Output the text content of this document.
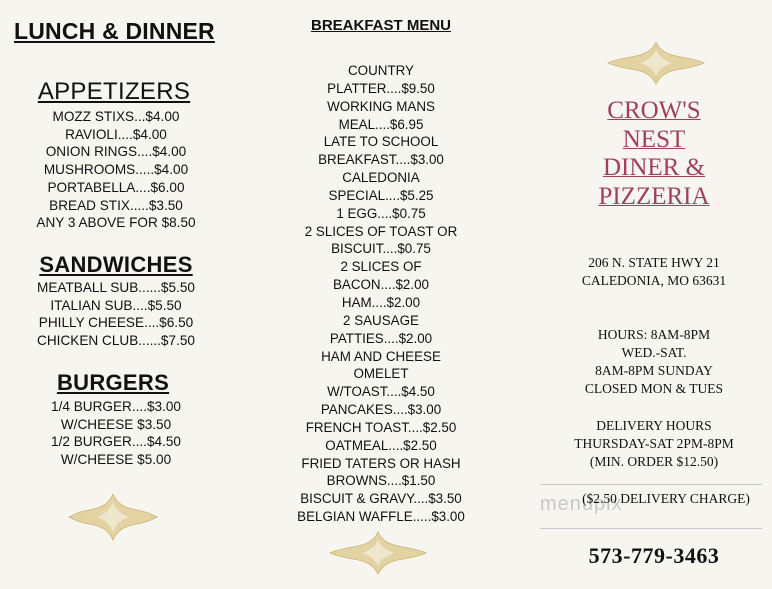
LUNCH & DINNER
APPETIZERS
MOZZ STIXS...$4.00
RAVIOLI....$4.00
ONION RINGS....$4.00
MUSHROOMS.....$4.00
PORTABELLA....$6.00
BREAD STIX.....$3.50
ANY 3 ABOVE FOR $8.50
SANDWICHES
MEATBALL SUB......$5.50
ITALIAN SUB....$5.50
PHILLY CHEESE....$6.50
CHICKEN CLUB......$7.50
BURGERS
1/4 BURGER....$3.00
W/CHEESE $3.50
1/2 BURGER....$4.50
W/CHEESE $5.00
BREAKFAST MENU
COUNTRY
PLATTER....$9.50
WORKING MANS
MEAL....$6.95
LATE TO SCHOOL
BREAKFAST....$3.00
CALEDONIA
SPECIAL....$5.25
1 EGG....$0.75
2 SLICES OF TOAST OR
BISCUIT....$0.75
2 SLICES OF
BACON....$2.00
HAM....$2.00
2 SAUSAGE
PATTIES....$2.00
HAM AND CHEESE
OMELET
W/TOAST....$4.50
PANCAKES....$3.00
FRENCH TOAST....$2.50
OATMEAL....$2.50
FRIED TATERS OR HASH
BROWNS....$1.50
BISCUIT & GRAVY....$3.50
BELGIAN WAFFLE.....$3.00
CROW'S
NEST
DINER &
PIZZERIA
206 N. STATE HWY 21
CALEDONIA, MO 63631
HOURS: 8AM-8PM
WED.-SAT.
8AM-8PM SUNDAY
CLOSED MON & TUES
DELIVERY HOURS
THURSDAY-SAT 2PM-8PM
(MIN. ORDER $12.50)
menupix
($2.50 DELIVERY CHARGE)
573-779-3463
